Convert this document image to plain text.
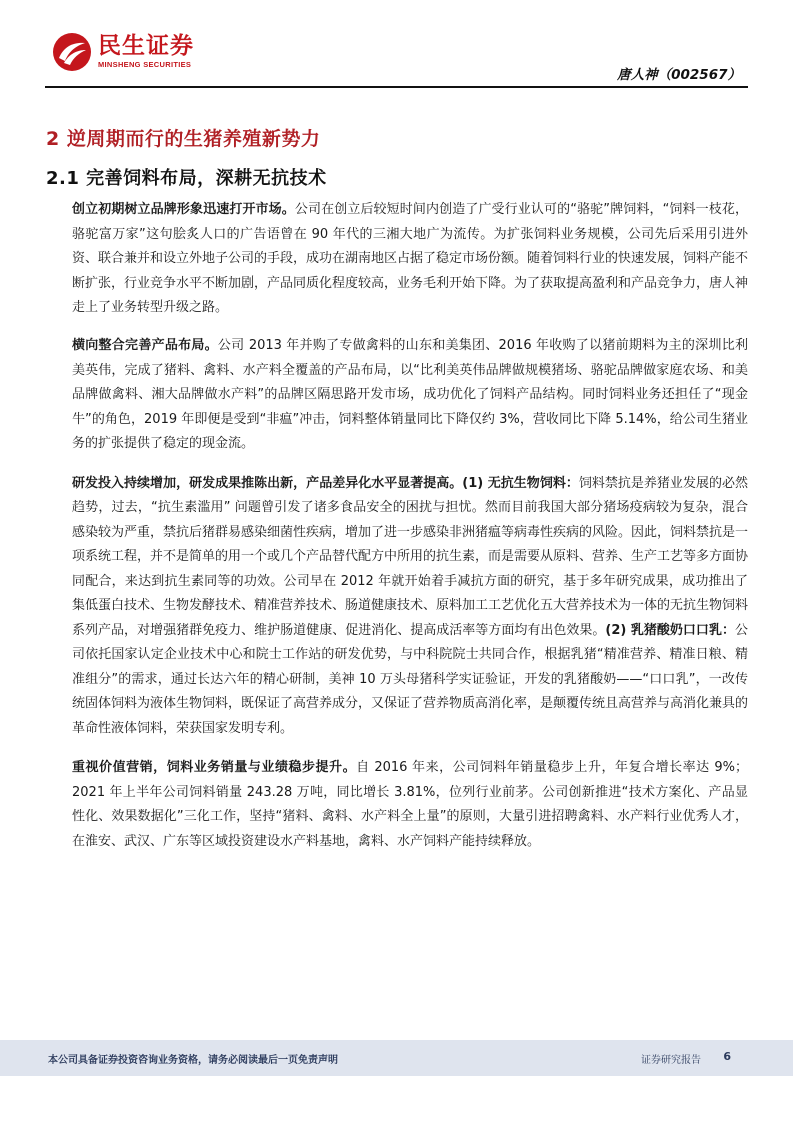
民生证券
MINSHENG SECURITIES
唐人神（002567）
2 逆周期而行的生猪养殖新势力
2.1 完善饲料布局，深耕无抗技术

创立初期树立品牌形象迅速打开市场。公司在创立后较短时间内创造了广受行业认可的“骆驼”牌饲料，“饲料一枝花，骆驼富万家”这句脍炙人口的广告语曾在 90 年代的三湘大地广为流传。为扩张饲料业务规模，公司先后采用引进外资、联合兼并和设立外地子公司的手段，成功在湖南地区占据了稳定市场份额。随着饲料行业的快速发展，饲料产能不断扩张，行业竞争水平不断加剧，产品同质化程度较高，业务毛利开始下降。为了获取提高盈利和产品竞争力，唐人神走上了业务转型升级之路。

横向整合完善产品布局。公司 2013 年并购了专做禽料的山东和美集团、2016 年收购了以猪前期料为主的深圳比利美英伟，完成了猪料、禽料、水产料全覆盖的产品布局，以“比利美英伟品牌做规模猪场、骆驼品牌做家庭农场、和美品牌做禽料、湘大品牌做水产料”的品牌区隔思路开发市场，成功优化了饲料产品结构。同时饲料业务还担任了“现金牛”的角色，2019 年即便是受到“非瘟”冲击，饲料整体销量同比下降仅约 3%，营收同比下降 5.14%，给公司生猪业务的扩张提供了稳定的现金流。

研发投入持续增加，研发成果推陈出新，产品差异化水平显著提高。(1) 无抗生物饲料：饲料禁抗是养猪业发展的必然趋势，过去，“抗生素滥用” 问题曾引发了诸多食品安全的困扰与担忧。然而目前我国大部分猪场疫病较为复杂，混合感染较为严重，禁抗后猪群易感染细菌性疾病，增加了进一步感染非洲猪瘟等病毒性疾病的风险。因此，饲料禁抗是一项系统工程，并不是简单的用一个或几个产品替代配方中所用的抗生素，而是需要从原料、营养、生产工艺等多方面协同配合，来达到抗生素同等的功效。公司早在 2012 年就开始着手减抗方面的研究，基于多年研究成果，成功推出了集低蛋白技术、生物发酵技术、精准营养技术、肠道健康技术、原料加工工艺优化五大营养技术为一体的无抗生物饲料系列产品，对增强猪群免疫力、维护肠道健康、促进消化、提高成活率等方面均有出色效果。(2) 乳猪酸奶口口乳：公司依托国家认定企业技术中心和院士工作站的研发优势，与中科院院士共同合作，根据乳猪“精准营养、精准日粮、精准组分”的需求，通过长达六年的精心研制，美神 10 万头母猪科学实证验证，开发的乳猪酸奶——“口口乳”，一改传统固体饲料为液体生物饲料，既保证了高营养成分，又保证了营养物质高消化率，是颠覆传统且高营养与高消化兼具的革命性液体饲料，荣获国家发明专利。

重视价值营销，饲料业务销量与业绩稳步提升。自 2016 年来，公司饲料年销量稳步上升，年复合增长率达 9%；2021 年上半年公司饲料销量 243.28 万吨，同比增长 3.81%，位列行业前茅。公司创新推进“技术方案化、产品显性化、效果数据化”三化工作，坚持“猪料、禽料、水产料全上量”的原则，大量引进招聘禽料、水产料行业优秀人才，在淮安、武汉、广东等区域投资建设水产料基地，禽料、水产饲料产能持续释放。

本公司具备证券投资咨询业务资格，请务必阅读最后一页免责声明	证券研究报告 6
